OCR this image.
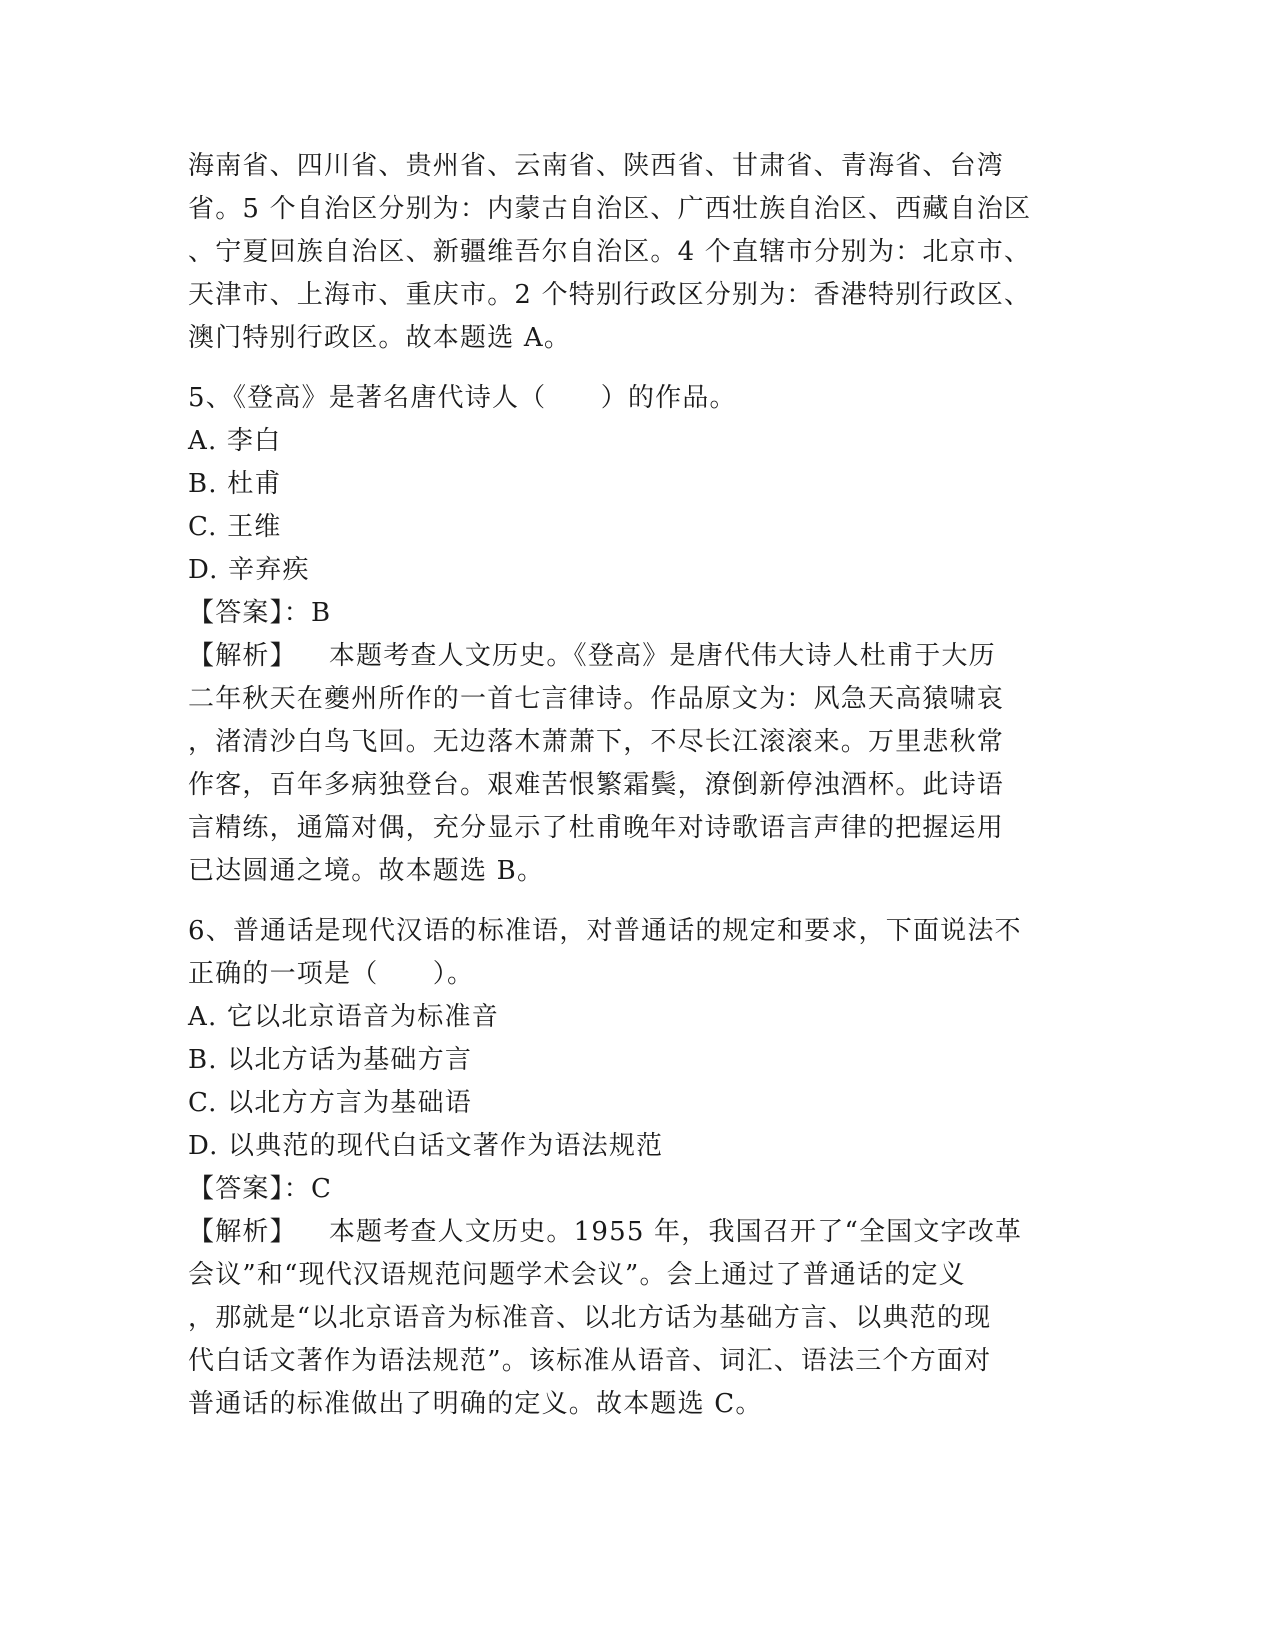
海南省、四川省、贵州省、云南省、陕西省、甘肃省、青海省、台湾

省。5 个自治区分别为：内蒙古自治区、广西壮族自治区、西藏自治区

、宁夏回族自治区、新疆维吾尔自治区。4 个直辖市分别为：北京市、

天津市、上海市、重庆市。2 个特别行政区分别为：香港特别行政区、

澳门特别行政区。故本题选 A。

5、《登高》是著名唐代诗人（　　）的作品。

A. 李白

B. 杜甫

C. 王维

D. 辛弃疾

【答案】：B

【解析】 本题考查人文历史。《登高》是唐代伟大诗人杜甫于大历

二年秋天在夔州所作的一首七言律诗。作品原文为：风急天高猿啸哀

，渚清沙白鸟飞回。无边落木萧萧下，不尽长江滚滚来。万里悲秋常

作客，百年多病独登台。艰难苦恨繁霜鬓，潦倒新停浊酒杯。此诗语

言精练，通篇对偶，充分显示了杜甫晚年对诗歌语言声律的把握运用

已达圆通之境。故本题选 B。

6、普通话是现代汉语的标准语，对普通话的规定和要求，下面说法不

正确的一项是（　　）。

A. 它以北京语音为标准音

B. 以北方话为基础方言

C. 以北方方言为基础语

D. 以典范的现代白话文著作为语法规范

【答案】：C

【解析】 本题考查人文历史。1955 年，我国召开了“全国文字改革

会议”和“现代汉语规范问题学术会议”。会上通过了普通话的定义

，那就是“以北京语音为标准音、以北方话为基础方言、以典范的现

代白话文著作为语法规范”。该标准从语音、词汇、语法三个方面对

普通话的标准做出了明确的定义。故本题选 C。
